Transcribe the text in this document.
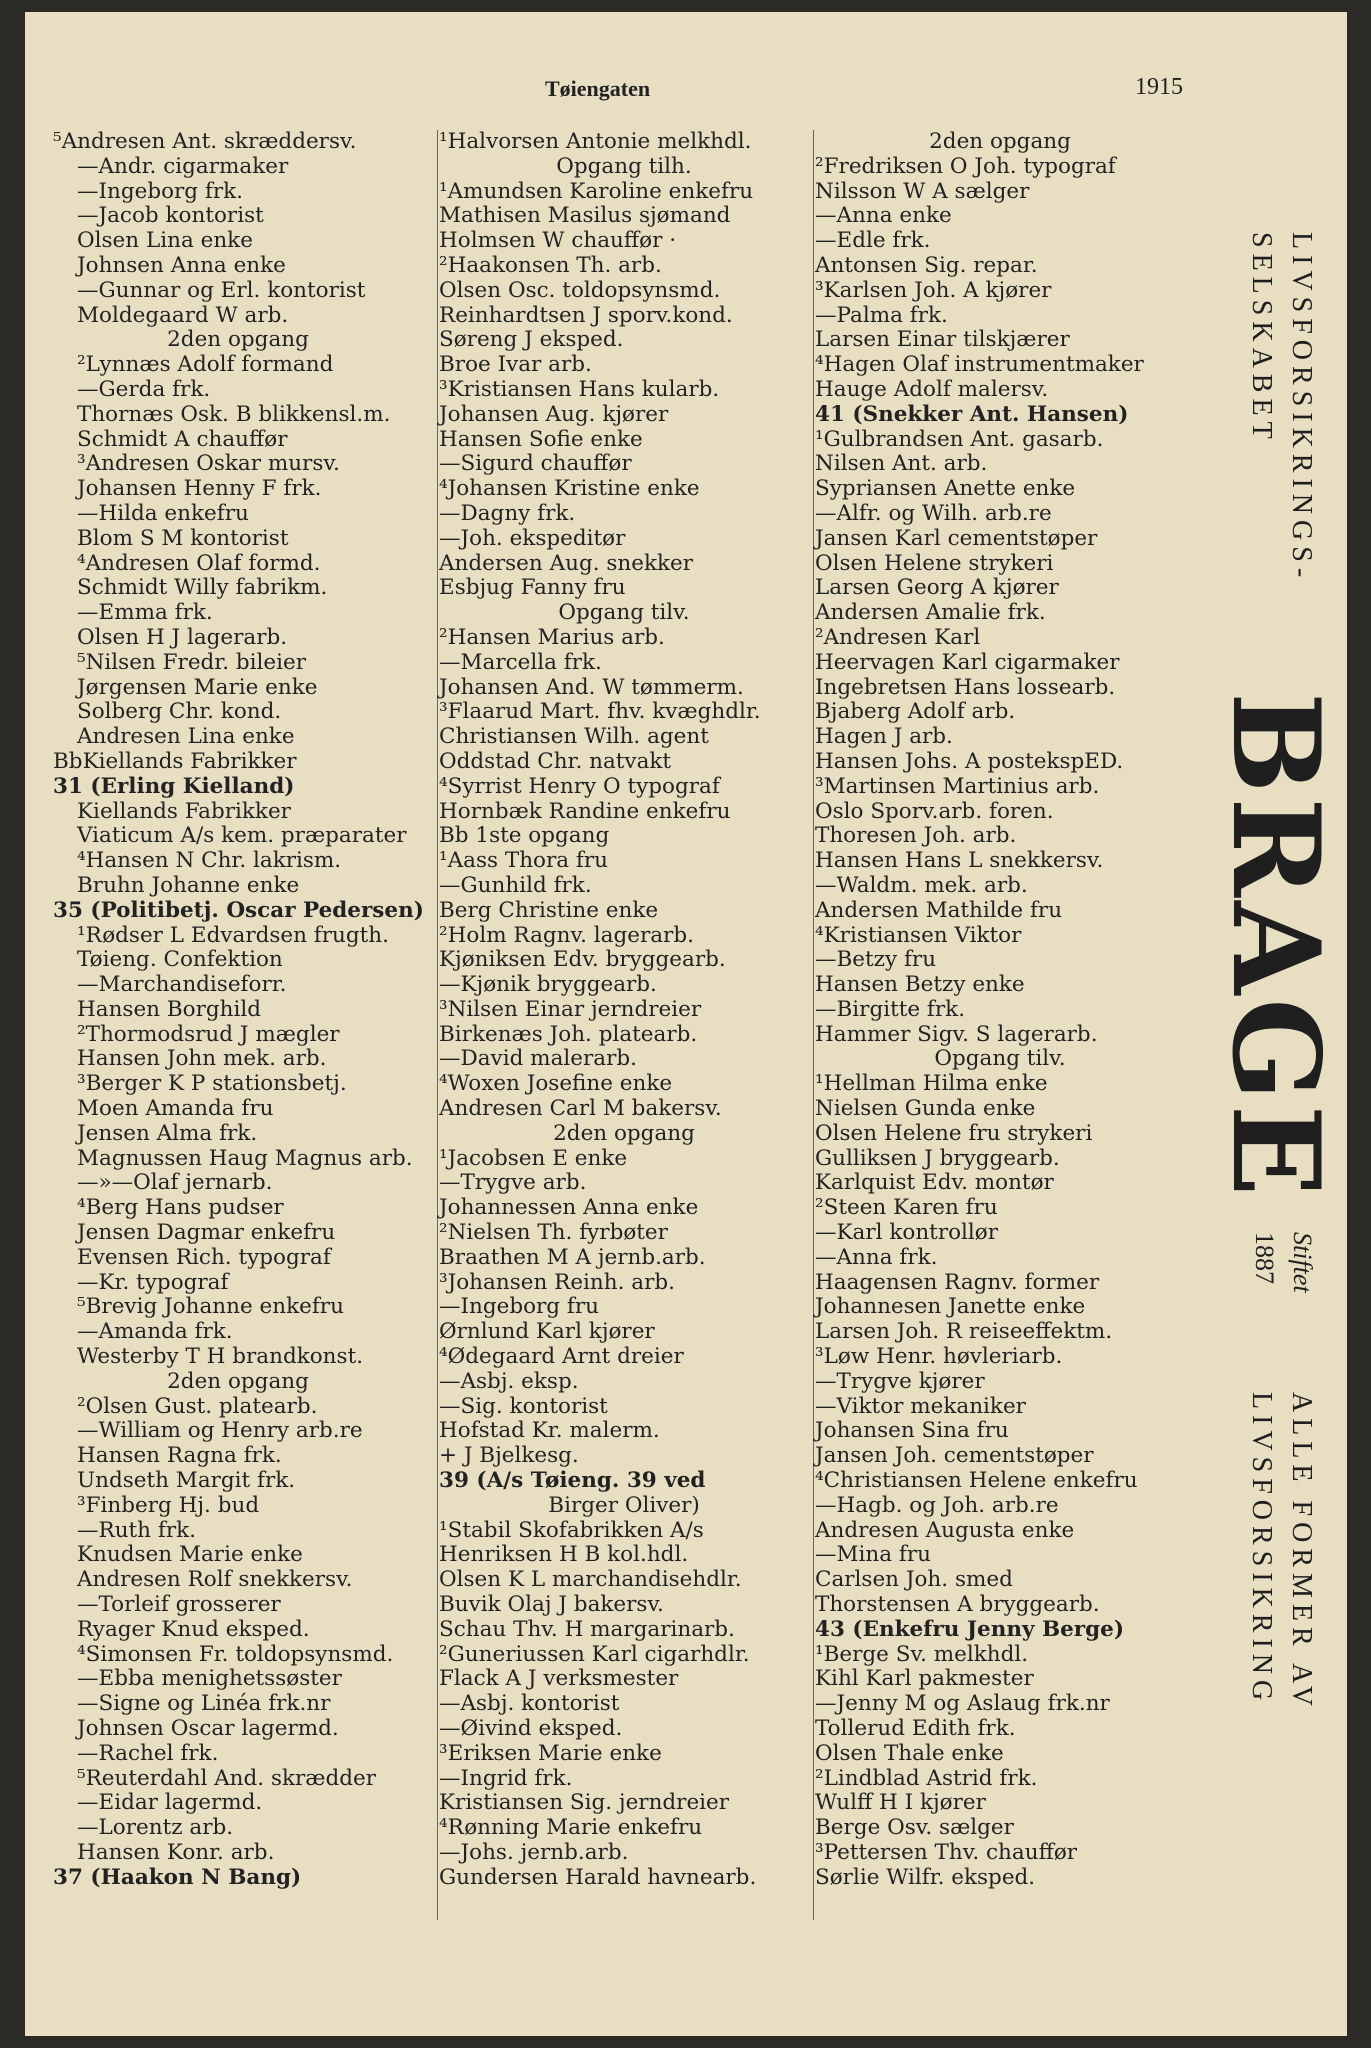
Tøiengaten	1915
⁵Andresen Ant. skræddersv.
—Andr. cigarmaker
—Ingeborg frk.
—Jacob kontorist
Olsen Lina enke
Johnsen Anna enke
—Gunnar og Erl. kontorist
Moldegaard W arb.
2den opgang
²Lynnæs Adolf formand
—Gerda frk.
Thornæs Osk. B blikkensl.m.
Schmidt A chauffør
³Andresen Oskar mursv.
Johansen Henny F frk.
—Hilda enkefru
Blom S M kontorist
⁴Andresen Olaf formd.
Schmidt Willy fabrikm.
—Emma frk.
Olsen H J lagerarb.
⁵Nilsen Fredr. bileier
Jørgensen Marie enke
Solberg Chr. kond.
Andresen Lina enke
BbKiellands Fabrikker
31 (Erling Kielland)
Kiellands Fabrikker
Viaticum A/s kem. præparater
⁴Hansen N Chr. lakrism.
Bruhn Johanne enke
35 (Politibetj. Oscar Pedersen)
¹Rødser L Edvardsen frugth.
Tøieng. Confektion
—Marchandiseforr.
Hansen Borghild
²Thormodsrud J mægler
Hansen John mek. arb.
³Berger K P stationsbetj.
Moen Amanda fru
Jensen Alma frk.
Magnussen Haug Magnus arb.
—»—Olaf jernarb.
⁴Berg Hans pudser
Jensen Dagmar enkefru
Evensen Rich. typograf
—Kr. typograf
⁵Brevig Johanne enkefru
—Amanda frk.
Westerby T H brandkonst.
2den opgang
²Olsen Gust. platearb.
—William og Henry arb.re
Hansen Ragna frk.
Undseth Margit frk.
³Finberg Hj. bud
—Ruth frk.
Knudsen Marie enke
Andresen Rolf snekkersv.
—Torleif grosserer
Ryager Knud eksped.
⁴Simonsen Fr. toldopsynsmd.
—Ebba menighetssøster
—Signe og Linéa frk.nr
Johnsen Oscar lagermd.
—Rachel frk.
⁵Reuterdahl And. skrædder
—Eidar lagermd.
—Lorentz arb.
Hansen Konr. arb.
37 (Haakon N Bang)
¹Halvorsen Antonie melkhdl.
Opgang tilh.
¹Amundsen Karoline enkefru
Mathisen Masilus sjømand
Holmsen W chauffør ·
²Haakonsen Th. arb.
Olsen Osc. toldopsynsmd.
Reinhardtsen J sporv.kond.
Søreng J eksped.
Broe Ivar arb.
³Kristiansen Hans kularb.
Johansen Aug. kjører
Hansen Sofie enke
—Sigurd chauffør
⁴Johansen Kristine enke
—Dagny frk.
—Joh. ekspeditør
Andersen Aug. snekker
Esbjug Fanny fru
Opgang tilv.
²Hansen Marius arb.
—Marcella frk.
Johansen And. W tømmerm.
³Flaarud Mart. fhv. kvæghdlr.
Christiansen Wilh. agent
Oddstad Chr. natvakt
⁴Syrrist Henry O typograf
Hornbæk Randine enkefru
Bb 1ste opgang
¹Aass Thora fru
—Gunhild frk.
Berg Christine enke
²Holm Ragnv. lagerarb.
Kjøniksen Edv. bryggearb.
—Kjønik bryggearb.
³Nilsen Einar jerndreier
Birkenæs Joh. platearb.
—David malerarb.
⁴Woxen Josefine enke
Andresen Carl M bakersv.
2den opgang
¹Jacobsen E enke
—Trygve arb.
Johannessen Anna enke
²Nielsen Th. fyrbøter
Braathen M A jernb.arb.
³Johansen Reinh. arb.
—Ingeborg fru
Ørnlund Karl kjører
⁴Ødegaard Arnt dreier
—Asbj. eksp.
—Sig. kontorist
Hofstad Kr. malerm.
+ J Bjelkesg.
39 (A/s Tøieng. 39 ved
Birger Oliver)
¹Stabil Skofabrikken A/s
Henriksen H B kol.hdl.
Olsen K L marchandisehdlr.
Buvik Olaj J bakersv.
Schau Thv. H margarinarb.
²Guneriussen Karl cigarhdlr.
Flack A J verksmester
—Asbj. kontorist
—Øivind eksped.
³Eriksen Marie enke
—Ingrid frk.
Kristiansen Sig. jerndreier
⁴Rønning Marie enkefru
—Johs. jernb.arb.
Gundersen Harald havnearb.
2den opgang
²Fredriksen O Joh. typograf
Nilsson W A sælger
—Anna enke
—Edle frk.
Antonsen Sig. repar.
³Karlsen Joh. A kjører
—Palma frk.
Larsen Einar tilskjærer
⁴Hagen Olaf instrumentmaker
Hauge Adolf malersv.
41 (Snekker Ant. Hansen)
¹Gulbrandsen Ant. gasarb.
Nilsen Ant. arb.
Sypriansen Anette enke
—Alfr. og Wilh. arb.re
Jansen Karl cementstøper
Olsen Helene strykeri
Larsen Georg A kjører
Andersen Amalie frk.
²Andresen Karl
Heervagen Karl cigarmaker
Ingebretsen Hans lossearb.
Bjaberg Adolf arb.
Hagen J arb.
Hansen Johs. A postekspED.
³Martinsen Martinius arb.
Oslo Sporv.arb. foren.
Thoresen Joh. arb.
Hansen Hans L snekkersv.
—Waldm. mek. arb.
Andersen Mathilde fru
⁴Kristiansen Viktor
—Betzy fru
Hansen Betzy enke
—Birgitte frk.
Hammer Sigv. S lagerarb.
Opgang tilv.
¹Hellman Hilma enke
Nielsen Gunda enke
Olsen Helene fru strykeri
Gulliksen J bryggearb.
Karlquist Edv. montør
²Steen Karen fru
—Karl kontrollør
—Anna frk.
Haagensen Ragnv. former
Johannesen Janette enke
Larsen Joh. R reiseeffektm.
³Løw Henr. høvleriarb.
—Trygve kjører
—Viktor mekaniker
Johansen Sina fru
Jansen Joh. cementstøper
⁴Christiansen Helene enkefru
—Hagb. og Joh. arb.re
Andresen Augusta enke
—Mina fru
Carlsen Joh. smed
Thorstensen A bryggearb.
43 (Enkefru Jenny Berge)
¹Berge Sv. melkhdl.
Kihl Karl pakmester
—Jenny M og Aslaug frk.nr
Tollerud Edith frk.
Olsen Thale enke
²Lindblad Astrid frk.
Wulff H I kjører
Berge Osv. sælger
³Pettersen Thv. chauffør
Sørlie Wilfr. eksped.
LIVSFORSIKRINGS-
SELSKABET
BRAGE
Stiftet
1887
ALLE FORMER AV
LIVSFORSIKRING
